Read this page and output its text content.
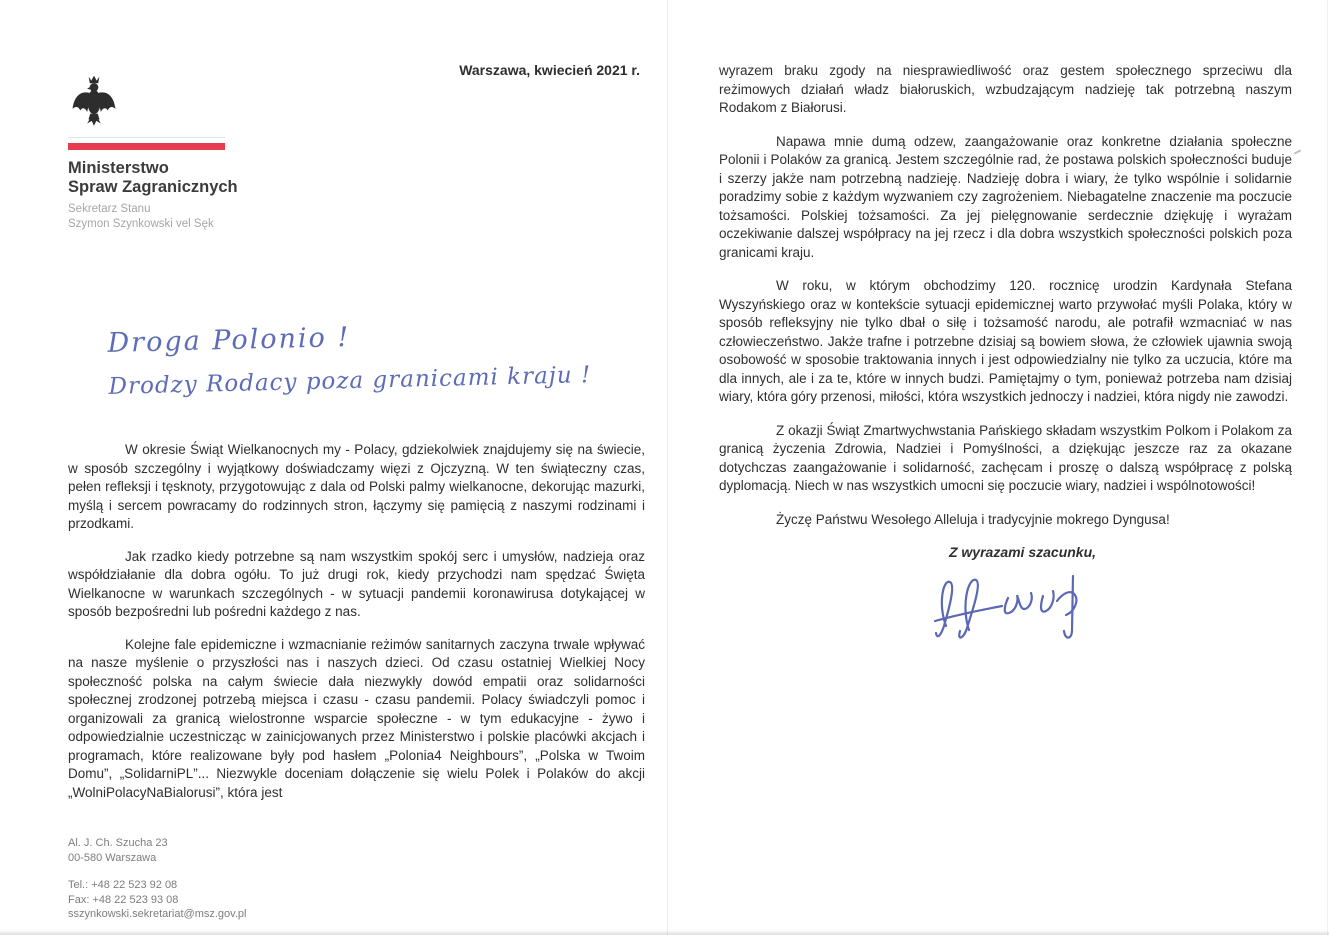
Ministerstwo
Spraw Zagranicznych
Sekretarz Stanu
Szymon Szynkowski vel Sęk
Warszawa, kwiecień 2021 r.
Droga Polonio !
Drodzy Rodacy poza granicami kraju !

W okresie Świąt Wielkanocnych my - Polacy, gdziekolwiek znajdujemy się na świecie, w sposób szczególny i wyjątkowy doświadczamy więzi z Ojczyzną. W ten świąteczny czas, pełen refleksji i tęsknoty, przygotowując z dala od Polski palmy wielkanocne, dekorując mazurki, myślą i sercem powracamy do rodzinnych stron, łączymy się pamięcią z naszymi rodzinami i przodkami.

Jak rzadko kiedy potrzebne są nam wszystkim spokój serc i umysłów, nadzieja oraz współdziałanie dla dobra ogółu. To już drugi rok, kiedy przychodzi nam spędzać Święta Wielkanocne w warunkach szczególnych - w sytuacji pandemii koronawirusa dotykającej w sposób bezpośredni lub pośredni każdego z nas.

Kolejne fale epidemiczne i wzmacnianie reżimów sanitarnych zaczyna trwale wpływać na nasze myślenie o przyszłości nas i naszych dzieci. Od czasu ostatniej Wielkiej Nocy społeczność polska na całym świecie dała niezwykły dowód empatii oraz solidarności społecznej zrodzonej potrzebą miejsca i czasu - czasu pandemii. Polacy świadczyli pomoc i organizowali za granicą wielostronne wsparcie społeczne - w tym edukacyjne - żywo i odpowiedzialnie uczestnicząc w zainicjowanych przez Ministerstwo i polskie placówki akcjach i programach, które realizowane były pod hasłem „Polonia4 Neighbours”, „Polska w Twoim Domu”, „SolidarniPL”... Niezwykle doceniam dołączenie się wielu Polek i Polaków do akcji „WolniPolacyNaBialorusi”, która jest

Al. J. Ch. Szucha 23
00-580 Warszawa
Tel.: +48 22 523 92 08
Fax: +48 22 523 93 08
sszynkowski.sekretariat@msz.gov.pl

wyrazem braku zgody na niesprawiedliwość oraz gestem społecznego sprzeciwu dla reżimowych działań władz białoruskich, wzbudzającym nadzieję tak potrzebną naszym Rodakom z Białorusi.

Napawa mnie dumą odzew, zaangażowanie oraz konkretne działania społeczne Polonii i Polaków za granicą. Jestem szczególnie rad, że postawa polskich społeczności buduje i szerzy jakże nam potrzebną nadzieję. Nadzieję dobra i wiary, że tylko wspólnie i solidarnie poradzimy sobie z każdym wyzwaniem czy zagrożeniem. Niebagatelne znaczenie ma poczucie tożsamości. Polskiej tożsamości. Za jej pielęgnowanie serdecznie dziękuję i wyrażam oczekiwanie dalszej współpracy na jej rzecz i dla dobra wszystkich społeczności polskich poza granicami kraju.

W roku, w którym obchodzimy 120. rocznicę urodzin Kardynała Stefana Wyszyńskiego oraz w kontekście sytuacji epidemicznej warto przywołać myśli Polaka, który w sposób refleksyjny nie tylko dbał o siłę i tożsamość narodu, ale potrafił wzmacniać w nas człowieczeństwo. Jakże trafne i potrzebne dzisiaj są bowiem słowa, że człowiek ujawnia swoją osobowość w sposobie traktowania innych i jest odpowiedzialny nie tylko za uczucia, które ma dla innych, ale i za te, które w innych budzi. Pamiętajmy o tym, ponieważ potrzeba nam dzisiaj wiary, która góry przenosi, miłości, która wszystkich jednoczy i nadziei, która nigdy nie zawodzi.

Z okazji Świąt Zmartwychwstania Pańskiego składam wszystkim Polkom i Polakom za granicą życzenia Zdrowia, Nadziei i Pomyślności, a dziękując jeszcze raz za okazane dotychczas zaangażowanie i solidarność, zachęcam i proszę o dalszą współpracę z polską dyplomacją. Niech w nas wszystkich umocni się poczucie wiary, nadziei i wspólnotowości!

Życzę Państwu Wesołego Alleluja i tradycyjnie mokrego Dyngusa!

Z wyrazami szacunku,
